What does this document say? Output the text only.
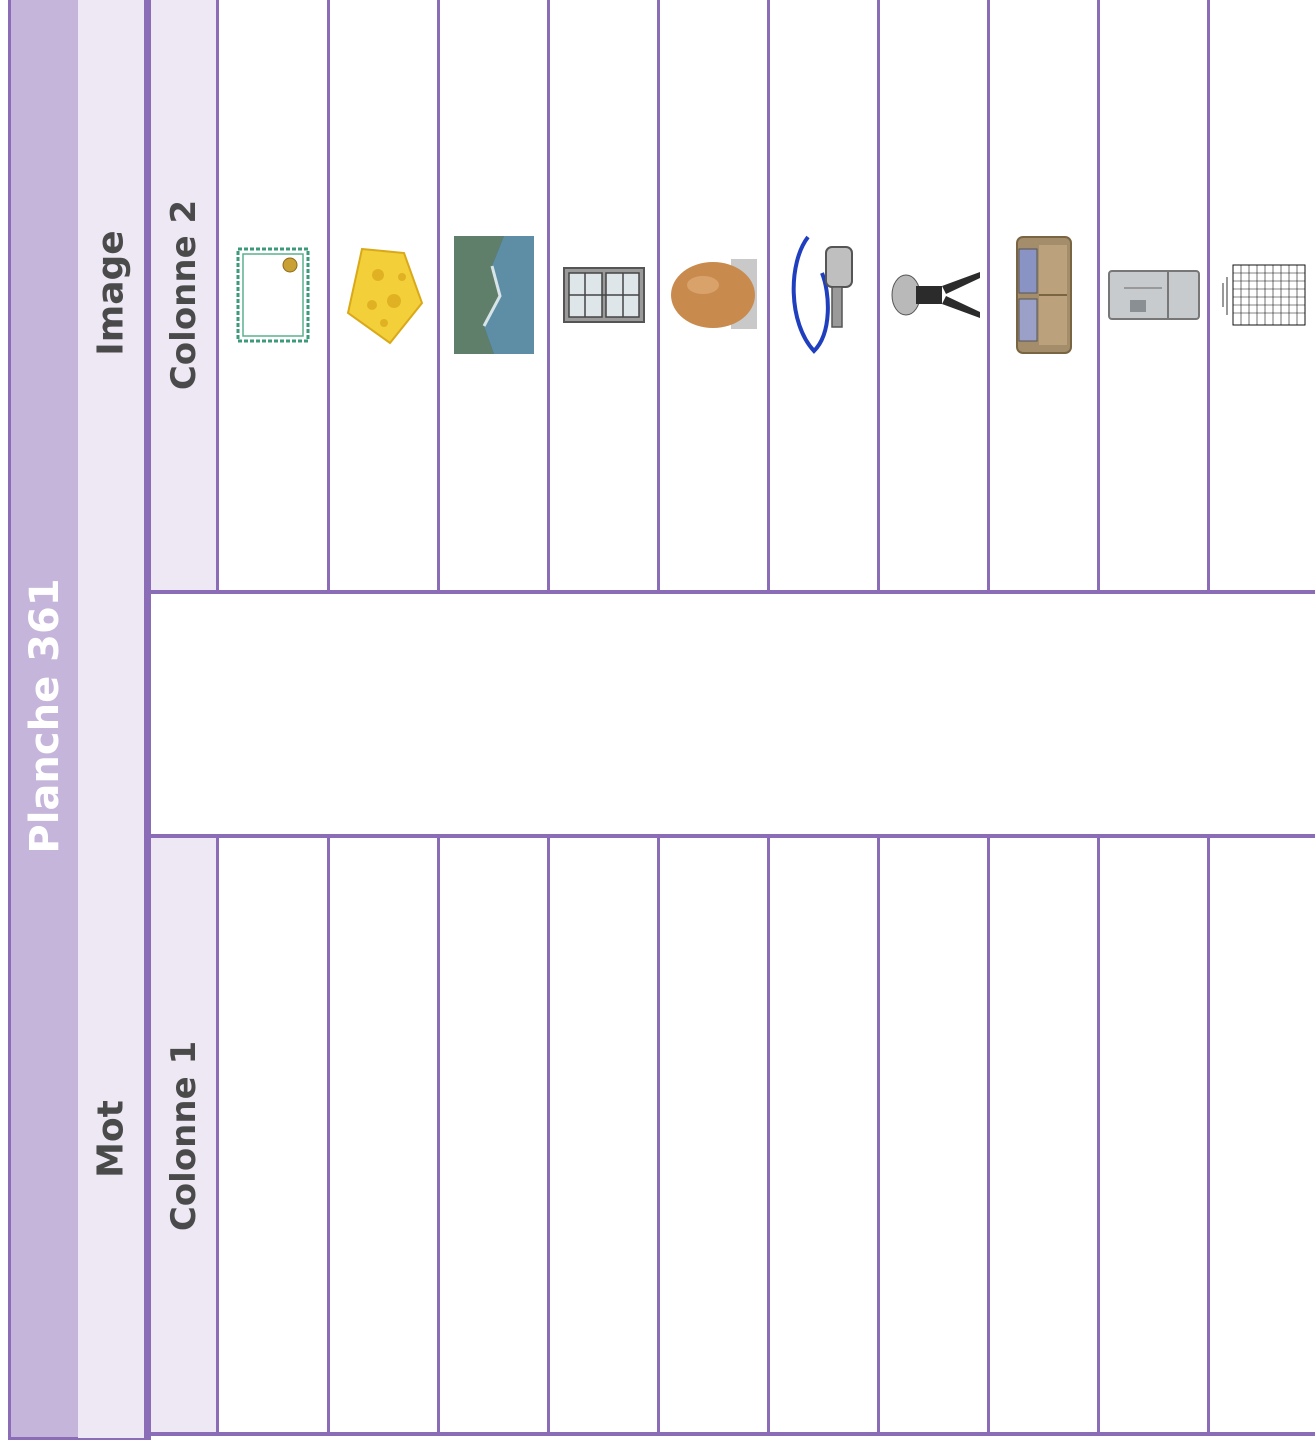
Planche 361
Image
Mot
Colonne 2
Colonne 1
